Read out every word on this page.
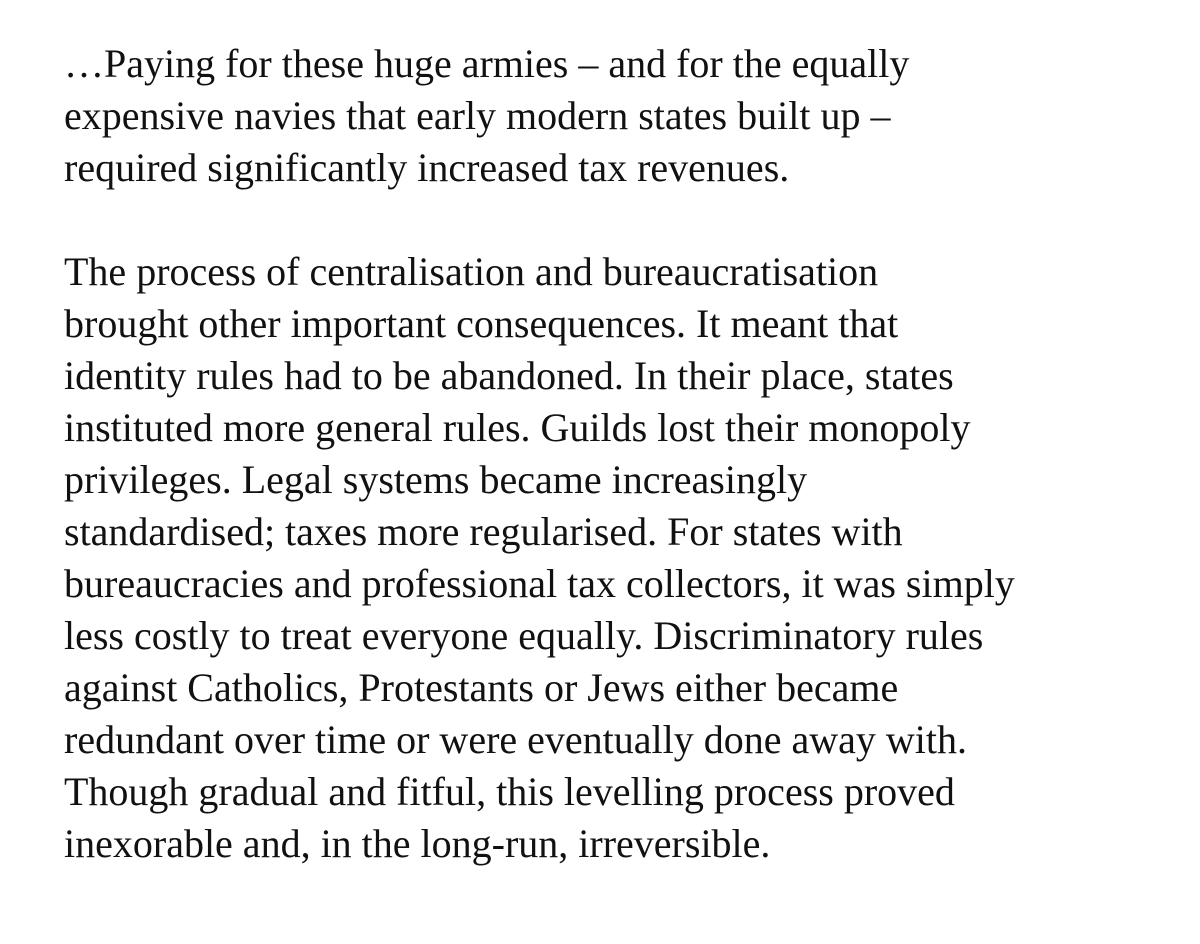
…Paying for these huge armies – and for the equally
expensive navies that early modern states built up –
required significantly increased tax revenues.
The process of centralisation and bureaucratisation
brought other important consequences. It meant that
identity rules had to be abandoned. In their place, states
instituted more general rules. Guilds lost their monopoly
privileges. Legal systems became increasingly
standardised; taxes more regularised. For states with
bureaucracies and professional tax collectors, it was simply
less costly to treat everyone equally. Discriminatory rules
against Catholics, Protestants or Jews either became
redundant over time or were eventually done away with.
Though gradual and fitful, this levelling process proved
inexorable and, in the long-run, irreversible.
